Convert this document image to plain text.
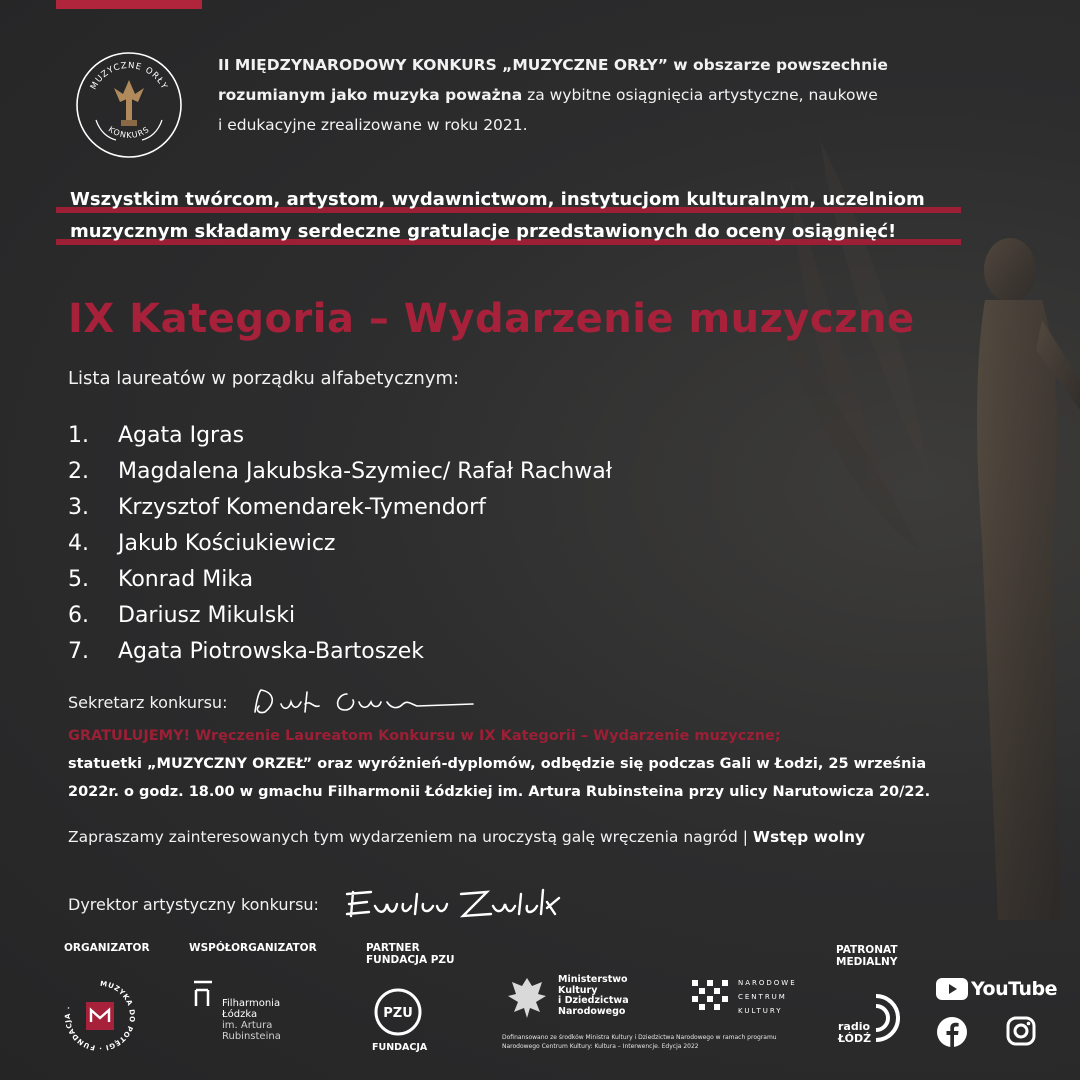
MUZYCZNE ORŁY
KONKURS
II MIĘDZYNARODOWY KONKURS „MUZYCZNE ORŁY” w obszarze powszechnie
rozumianym jako muzyka poważna za wybitne osiągnięcia artystyczne, naukowe
i edukacyjne zrealizowane w roku 2021.
Wszystkim twórcom, artystom, wydawnictwom, instytucjom kulturalnym, uczelniom
muzycznym składamy serdeczne gratulacje przedstawionych do oceny osiągnięć!
IX Kategoria – Wydarzenie muzyczne
Lista laureatów w porządku alfabetycznym:
1.	Agata Igras
2.	Magdalena Jakubska-Szymiec/ Rafał Rachwał
3.	Krzysztof Komendarek-Tymendorf
4.	Jakub Kościukiewicz
5.	Konrad Mika
6.	Dariusz Mikulski
7.	Agata Piotrowska-Bartoszek
Sekretarz konkursu:
GRATULUJEMY! Wręczenie Laureatom Konkursu w IX Kategorii – Wydarzenie muzyczne;
statuetki „MUZYCZNY ORZEŁ” oraz wyróżnień-dyplomów, odbędzie się podczas Gali w Łodzi, 25 września
2022r. o godz. 18.00 w gmachu Filharmonii Łódzkiej im. Artura Rubinsteina przy ulicy Narutowicza 20/22.
Zapraszamy zainteresowanych tym wydarzeniem na uroczystą galę wręczenia nagród | Wstęp wolny
Dyrektor artystyczny konkursu:
ORGANIZATOR
MUZYKA DO POTĘGI · FUNDACJA ·
WSPÓŁORGANIZATOR
Filharmonia
Łódzka
im. Artura
Rubinsteina
PARTNER
FUNDACJA PZU
PZU
FUNDACJA
Ministerstwo
Kultury
i Dziedzictwa
Narodowego
NARODOWE
CENTRUM
KULTURY
Dofinansowano ze środków Ministra Kultury i Dziedzictwa Narodowego w ramach programu Narodowego Centrum Kultury: Kultura – Interwencje. Edycja 2022
PATRONAT
MEDIALNY
radio
ŁÓDŹ
YouTube
